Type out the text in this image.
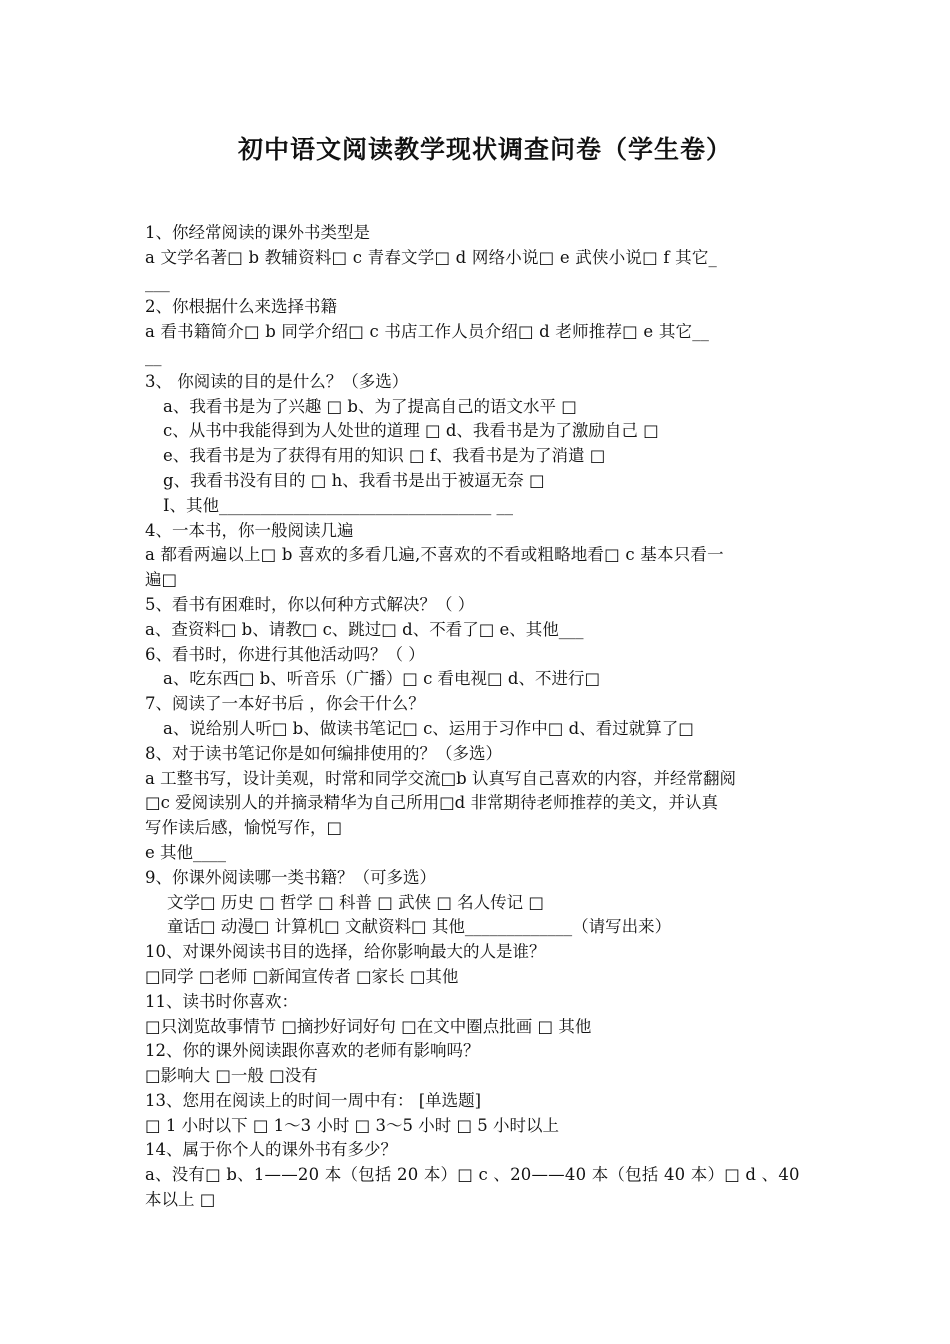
初中语文阅读教学现状调查问卷（学生卷）
1、你经常阅读的课外书类型是
a 文学名著□ b 教辅资料□ c 青春文学□ d 网络小说□ e 武侠小说□ f 其它_
___
2、你根据什么来选择书籍
a 看书籍简介□ b 同学介绍□ c 书店工作人员介绍□ d 老师推荐□ e 其它__
__
3、 你阅读的目的是什么？（多选）
a、我看书是为了兴趣 □ b、为了提高自己的语文水平 □
c、从书中我能得到为人处世的道理 □ d、我看书是为了激励自己 □
e、我看书是为了获得有用的知识 □ f、我看书是为了消遣 □
g、我看书没有目的 □ h、我看书是出于被逼无奈 □
I、其他_________________________________ __
4、一本书，你一般阅读几遍
a 都看两遍以上□ b 喜欢的多看几遍,不喜欢的不看或粗略地看□ c 基本只看一
遍□
5、看书有困难时，你以何种方式解决？（ ）
a、查资料□ b、请教□ c、跳过□ d、不看了□ e、其他___
6、看书时，你进行其他活动吗？（ ）
a、吃东西□ b、听音乐（广播）□ c 看电视□ d、不进行□
7、阅读了一本好书后 ，你会干什么？
a、说给别人听□ b、做读书笔记□ c、运用于习作中□ d、看过就算了□
8、对于读书笔记你是如何编排使用的？（多选）
a 工整书写，设计美观，时常和同学交流□b 认真写自己喜欢的内容，并经常翻阅
□c 爱阅读别人的并摘录精华为自己所用□d 非常期待老师推荐的美文，并认真
写作读后感，愉悦写作，□
e 其他____
9、你课外阅读哪一类书籍？（可多选）
文学□ 历史 □ 哲学 □ 科普 □ 武侠 □ 名人传记 □
童话□ 动漫□ 计算机□ 文献资料□ 其他_____________（请写出来）
10、对课外阅读书目的选择，给你影响最大的人是谁？
□同学 □老师 □新闻宣传者 □家长 □其他
11、读书时你喜欢：
□只浏览故事情节 □摘抄好词好句 □在文中圈点批画 □ 其他
12、你的课外阅读跟你喜欢的老师有影响吗？
□影响大 □一般 □没有
13、您用在阅读上的时间一周中有： [单选题]
□ 1 小时以下 □ 1～3 小时 □ 3～5 小时 □ 5 小时以上
14、属于你个人的课外书有多少？
a、没有□ b、1——20 本（包括 20 本）□ c 、20——40 本（包括 40 本）□ d 、40
本以上 □
